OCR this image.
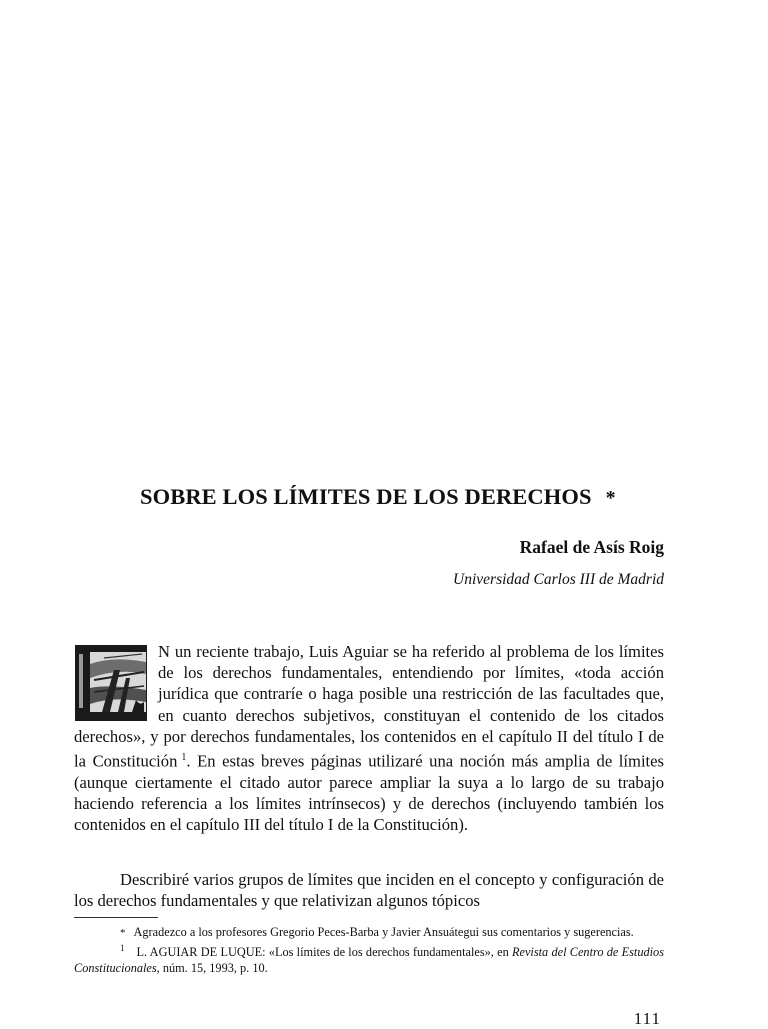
SOBRE LOS LÍMITES DE LOS DERECHOS *
Rafael de Asís Roig
Universidad Carlos III de Madrid

N un reciente trabajo, Luis Aguiar se ha referido al problema de los límites de los derechos fundamentales, entendiendo por límites, «toda acción jurídica que contraríe o haga posible una restricción de las facultades que, en cuanto derechos subjetivos, constituyan el contenido de los citados derechos», y por derechos fundamentales, los contenidos en el capítulo II del título I de la Constitución $^1$. En estas breves páginas utilizaré una noción más amplia de límites (aunque ciertamente el citado autor parece ampliar la suya a lo largo de su trabajo haciendo referencia a los límites intrínsecos) y de derechos (incluyendo también los contenidos en el capítulo III del título I de la Constitución).

Describiré varios grupos de límites que inciden en el concepto y configuración de los derechos fundamentales y que relativizan algunos tópicos

* Agradezco a los profesores Gregorio Peces-Barba y Javier Ansuátegui sus comentarios y sugerencias.

$^1$ L. AGUIAR DE LUQUE: «Los límites de los derechos fundamentales», en Revista del Centro de Estudios Constitucionales, núm. 15, 1993, p. 10.

111
